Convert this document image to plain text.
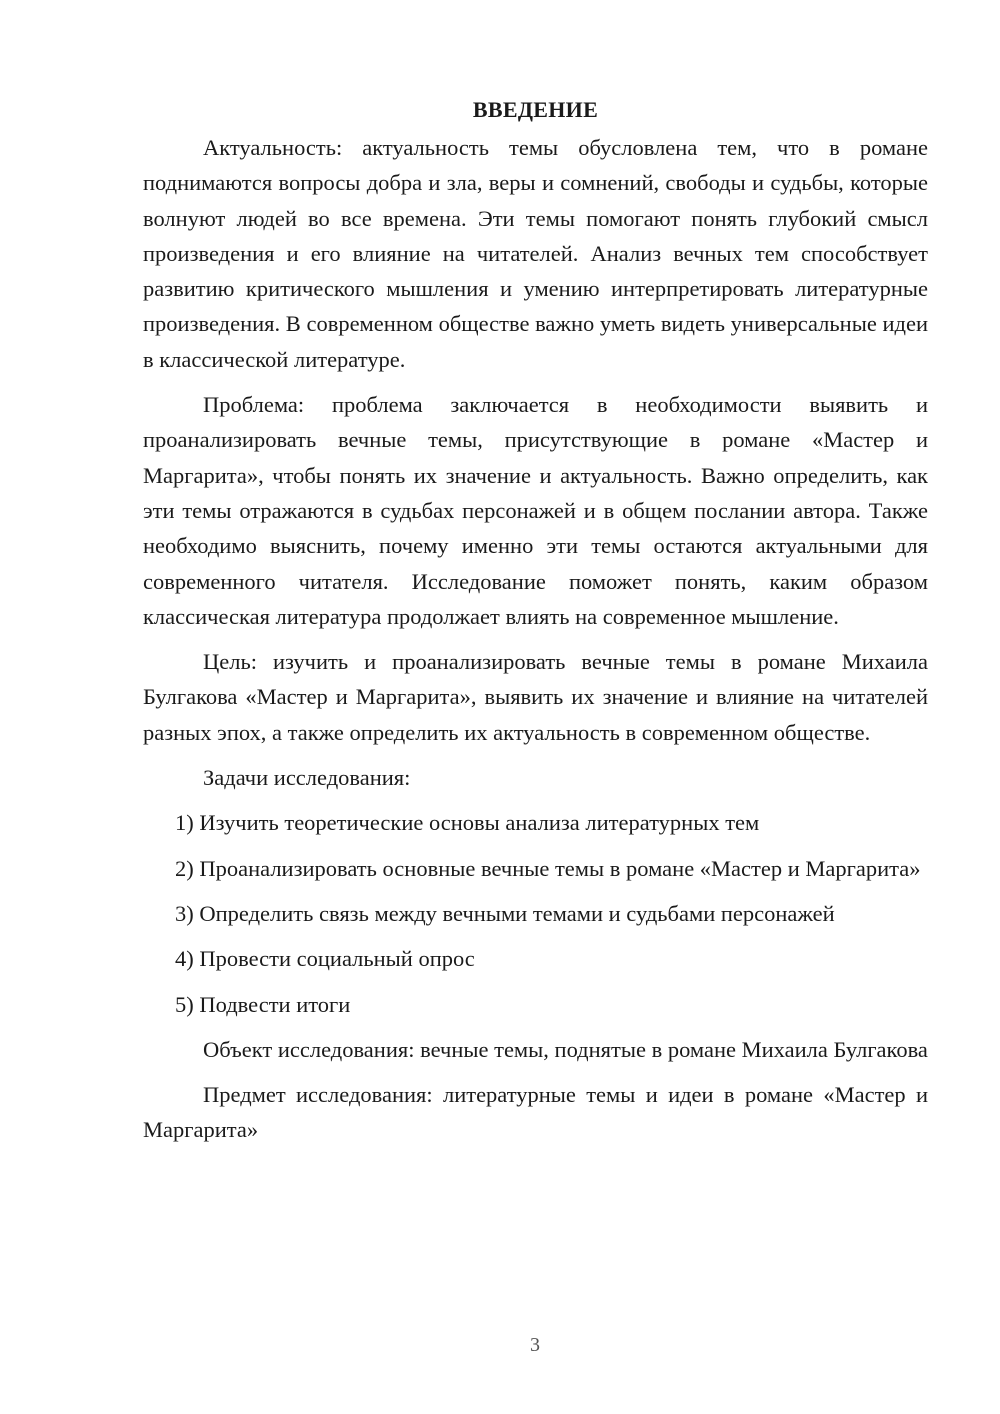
ВВЕДЕНИЕ

Актуальность: актуальность темы обусловлена тем, что в романе поднимаются вопросы добра и зла, веры и сомнений, свободы и судьбы, которые волнуют людей во все времена. Эти темы помогают понять глубокий смысл произведения и его влияние на читателей. Анализ вечных тем способствует развитию критического мышления и умению интерпретировать литературные произведения. В современном обществе важно уметь видеть универсальные идеи в классической литературе.

Проблема: проблема заключается в необходимости выявить и проанализировать вечные темы, присутствующие в романе «Мастер и Маргарита», чтобы понять их значение и актуальность. Важно определить, как эти темы отражаются в судьбах персонажей и в общем послании автора. Также необходимо выяснить, почему именно эти темы остаются актуальными для современного читателя. Исследование поможет понять, каким образом классическая литература продолжает влиять на современное мышление.

Цель: изучить и проанализировать вечные темы в романе Михаила Булгакова «Мастер и Маргарита», выявить их значение и влияние на читателей разных эпох, а также определить их актуальность в современном обществе.

Задачи исследования:

1) Изучить теоретические основы анализа литературных тем

2) Проанализировать основные вечные темы в романе «Мастер и Маргарита»

3) Определить связь между вечными темами и судьбами персонажей

4) Провести социальный опрос

5) Подвести итоги

Объект исследования: вечные темы, поднятые в романе Михаила Булгакова

Предмет исследования: литературные темы и идеи в романе «Мастер и Маргарита»

3
